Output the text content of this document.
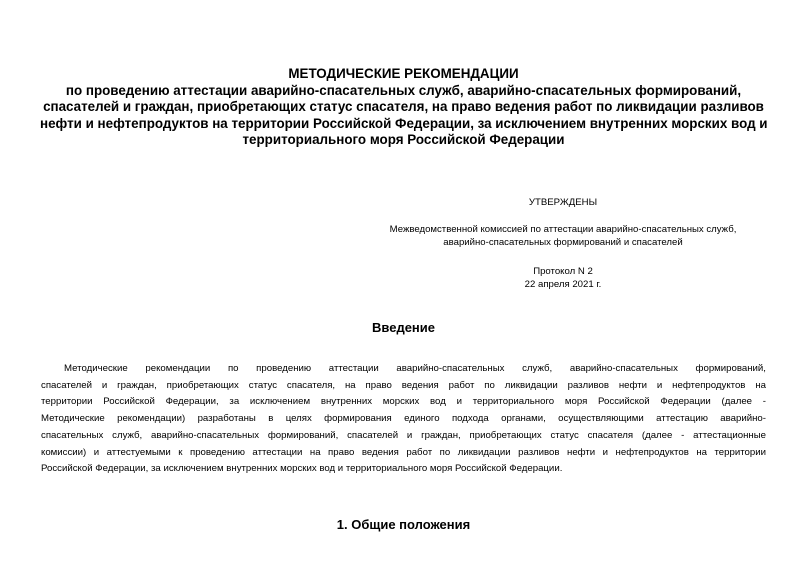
МЕТОДИЧЕСКИЕ РЕКОМЕНДАЦИИ
по проведению аттестации аварийно-спасательных служб, аварийно-спасательных формирований,
спасателей и граждан, приобретающих статус спасателя, на право ведения работ по ликвидации разливов
нефти и нефтепродуктов на территории Российской Федерации, за исключением внутренних морских вод и
территориального моря Российской Федерации
УТВЕРЖДЕНЫ
Межведомственной комиссией по аттестации аварийно-спасательных служб,
аварийно-спасательных формирований и спасателей
Протокол N 2
22 апреля 2021 г.
Введение
Методические рекомендации по проведению аттестации аварийно-спасательных служб, аварийно-спасательных формирований,
спасателей и граждан, приобретающих статус спасателя, на право ведения работ по ликвидации разливов нефти и нефтепродуктов на
территории Российской Федерации, за исключением внутренних морских вод и территориального моря Российской Федерации (далее -
Методические рекомендации) разработаны в целях формирования единого подхода органами, осуществляющими аттестацию аварийно-
спасательных служб, аварийно-спасательных формирований, спасателей и граждан, приобретающих статус спасателя (далее - аттестационные
комиссии) и аттестуемыми к проведению аттестации на право ведения работ по ликвидации разливов нефти и нефтепродуктов на территории
Российской Федерации, за исключением внутренних морских вод и территориального моря Российской Федерации.
1. Общие положения
